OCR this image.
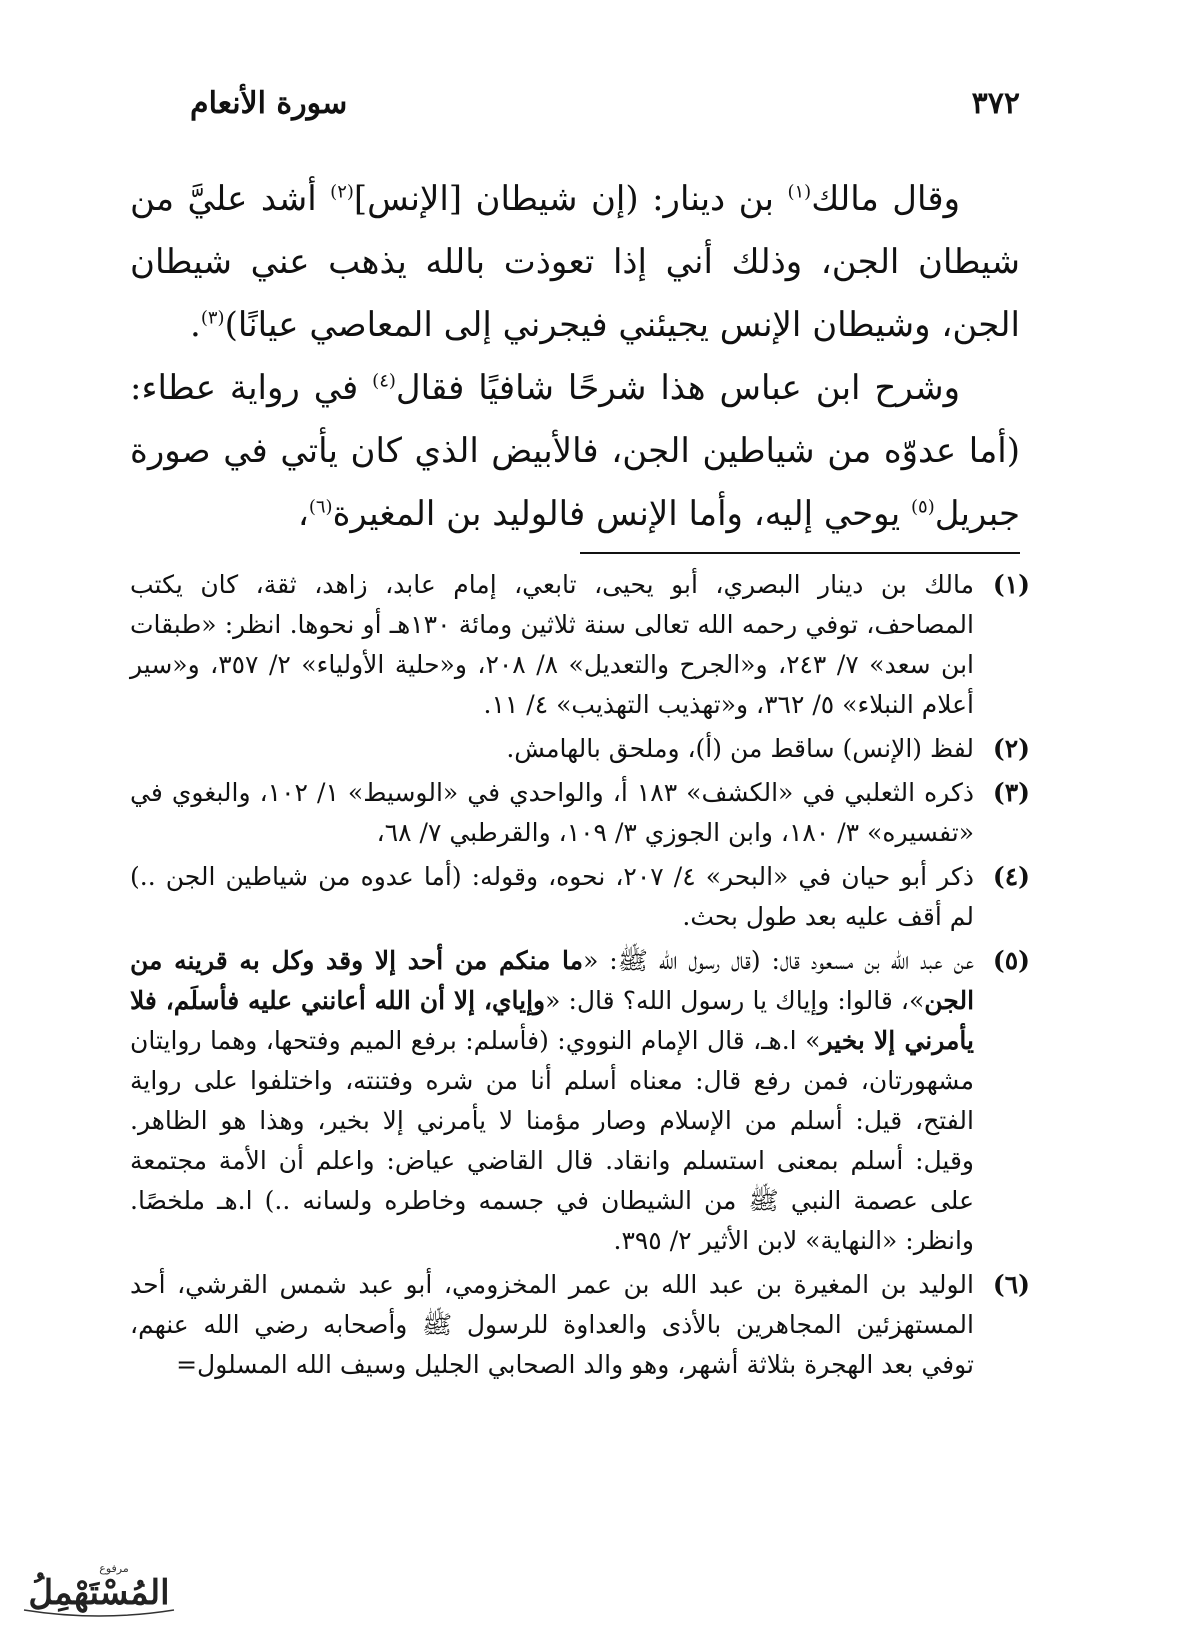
٣٧٢
سورة الأنعام

وقال مالك$^{(١)}$ بن دينار: (إن شيطان [الإنس]$^{(٢)}$ أشد عليَّ من شيطان الجن، وذلك أني إذا تعوذت بالله يذهب عني شيطان الجن، وشيطان الإنس يجيئني فيجرني إلى المعاصي عيانًا)$^{(٣)}$.

وشرح ابن عباس هذا شرحًا شافيًا فقال$^{(٤)}$ في رواية عطاء: (أما عدوّه من شياطين الجن، فالأبيض الذي كان يأتي في صورة جبريل$^{(٥)}$ يوحي إليه، وأما الإنس فالوليد بن المغيرة$^{(٦)}$،

(١)
مالك بن دينار البصري، أبو يحيى، تابعي، إمام عابد، زاهد، ثقة، كان يكتب المصاحف، توفي رحمه الله تعالى سنة ثلاثين ومائة ١٣٠هـ أو نحوها. انظر: «طبقات ابن سعد» ٧/ ٢٤٣، و«الجرح والتعديل» ٨/ ٢٠٨، و«حلية الأولياء» ٢/ ٣٥٧، و«سير أعلام النبلاء» ٥/ ٣٦٢، و«تهذيب التهذيب» ٤/ ١١.
(٢)
لفظ (الإنس) ساقط من (أ)، وملحق بالهامش.
(٣)
ذكره الثعلبي في «الكشف» ١٨٣ أ، والواحدي في «الوسيط» ١/ ١٠٢، والبغوي في «تفسيره» ٣/ ١٨٠، وابن الجوزي ٣/ ١٠٩، والقرطبي ٧/ ٦٨،
(٤)
ذكر أبو حيان في «البحر» ٤/ ٢٠٧، نحوه، وقوله: (أما عدوه من شياطين الجن ..) لم أقف عليه بعد طول بحث.
(٥)
عن عبد الله بن مسعود قال: (قال رسول الله ﷺ: «ما منكم من أحد إلا وقد وكل به قرينه من الجن»، قالوا: وإياك يا رسول الله؟ قال: «وإياي، إلا أن الله أعانني عليه فأسلَم، فلا يأمرني إلا بخير» ا.هـ، قال الإمام النووي: (فأسلم: برفع الميم وفتحها، وهما روايتان مشهورتان، فمن رفع قال: معناه أسلم أنا من شره وفتنته، واختلفوا على رواية الفتح، قيل: أسلم من الإسلام وصار مؤمنا لا يأمرني إلا بخير، وهذا هو الظاهر. وقيل: أسلم بمعنى استسلم وانقاد. قال القاضي عياض: واعلم أن الأمة مجتمعة على عصمة النبي ﷺ من الشيطان في جسمه وخاطره ولسانه ..) ا.هـ ملخصًا. وانظر: «النهاية» لابن الأثير ٢/ ٣٩٥.
(٦)
الوليد بن المغيرة بن عبد الله بن عمر المخزومي، أبو عبد شمس القرشي، أحد المستهزئين المجاهرين بالأذى والعداوة للرسول ﷺ وأصحابه رضي الله عنهم، توفي بعد الهجرة بثلاثة أشهر، وهو والد الصحابي الجليل وسيف الله المسلول=
المُسْتَهْمِلُ
مرفوع
